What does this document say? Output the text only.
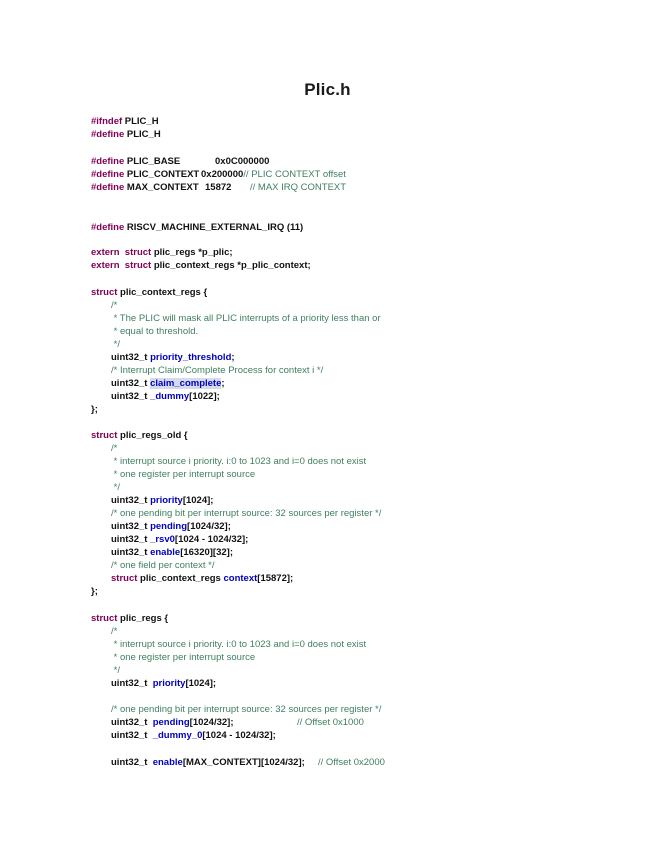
Plic.h
#ifndef PLIC_H
#define PLIC_H
#define PLIC_BASE	0x0C000000
#define PLIC_CONTEXT 0x200000// PLIC CONTEXT offset
#define MAX_CONTEXT 15872 // MAX IRQ CONTEXT
#define RISCV_MACHINE_EXTERNAL_IRQ (11)
extern struct plic_regs *p_plic;
extern struct plic_context_regs *p_plic_context;
struct plic_context_regs {
/*
* The PLIC will mask all PLIC interrupts of a priority less than or
* equal to threshold.
*/
uint32_t priority_threshold;
/* Interrupt Claim/Complete Process for context i */
uint32_t claim_complete;
uint32_t _dummy[1022];
};
struct plic_regs_old {
/*
* interrupt source i priority. i:0 to 1023 and i=0 does not exist
* one register per interrupt source
*/
uint32_t priority[1024];
/* one pending bit per interrupt source: 32 sources per register */
uint32_t pending[1024/32];
uint32_t _rsv0[1024 - 1024/32];
uint32_t enable[16320][32];
/* one field per context */
struct plic_context_regs context[15872];
};
struct plic_regs {
/*
* interrupt source i priority. i:0 to 1023 and i=0 does not exist
* one register per interrupt source
*/
uint32_t priority[1024];
/* one pending bit per interrupt source: 32 sources per register */
uint32_t pending[1024/32];	// Offset 0x1000
uint32_t _dummy_0[1024 - 1024/32];
uint32_t enable[MAX_CONTEXT][1024/32]; // Offset 0x2000
